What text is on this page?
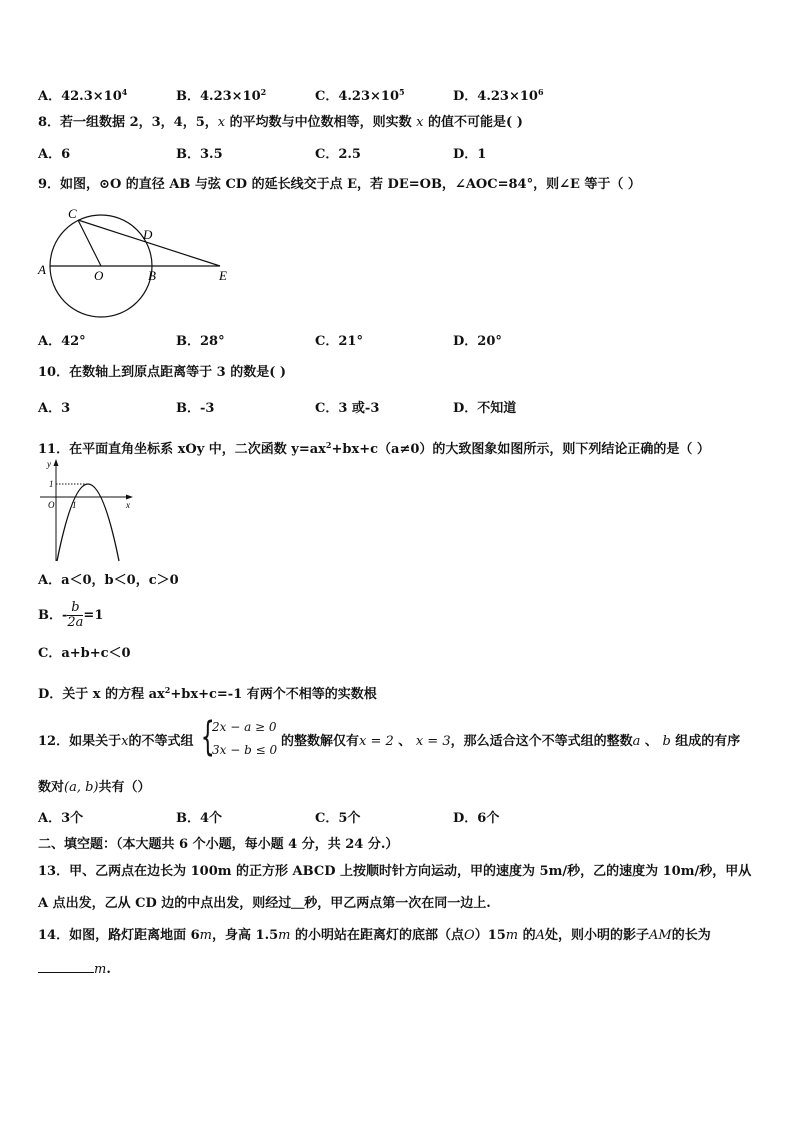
A．$42.3\times 10^4$	B．$4.23\times 10^2$	C．$4.23\times 10^5$	D．$4.23\times 10^6$
8．若一组数据 2，3，4，5，x 的平均数与中位数相等，则实数 x 的值不可能是( )
A．6	B．3.5	C．2.5	D．1
9．如图，⊙O 的直径 AB 与弦 CD 的延长线交于点 E，若 DE=OB，∠AOC=84°，则∠E 等于（ ）
C
D
A	O	B	E
A．42°	B．28°	C．21°	D．20°
10．在数轴上到原点距离等于 3 的数是( )
A．3	B．-3	C．3 或-3	D．不知道
11．在平面直角坐标系 xOy 中，二次函数 $y=ax^2+bx+c(a\ne 0)$的大致图象如图所示，则下列结论正确的是（ ）
y
1
O 1	x
A．a＜0，b＜0，c＞0
B．- $\frac{b}{2a} =1$
C．a+b+c＜0
D．关于 x 的方程 $ax^2+bx+c=-1$ 有两个不相等的实数根
12．如果关于x的不等式组 {
2x − a ≥ 0
3x − b ≤ 0
的整数解仅有x = 2 、 x = 3，那么适合这个不等式组的整数a 、 b 组成的有序
数对(a, b)共有（）
A．3个	B．4个	C．5个	D．6个
二、填空题：（本大题共 6 个小题，每小题 4 分，共 24 分.）
13．甲、乙两点在边长为 100m 的正方形 ABCD 上按顺时针方向运动，甲的速度为 5m/秒，乙的速度为 10m/秒，甲从
A 点出发，乙从 CD 边的中点出发，则经过＿秒，甲乙两点第一次在同一边上.
14．如图，路灯距离地面 6m，身高 1.5m 的小明站在距离灯的底部（点O）15m 的A处，则小明的影子AM的长为
m.
